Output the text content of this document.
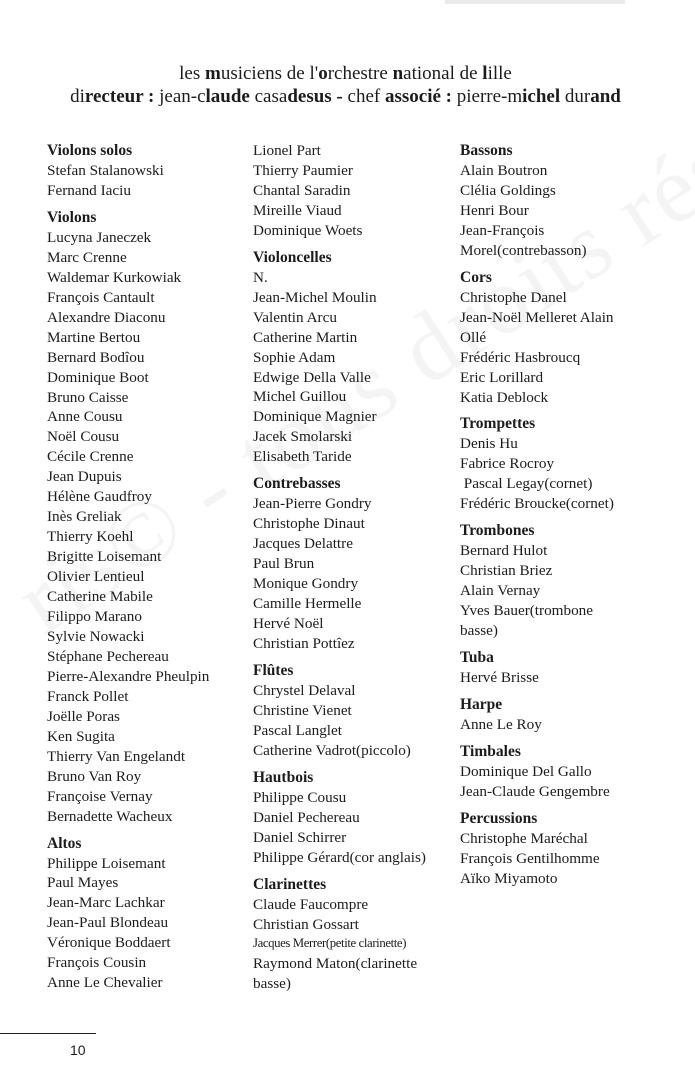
les musiciens de l'orchestre national de lille
directeur : jean-claude casadesus - chef associé : pierre-michel durand
Violons solos
Stefan Stalanowski
Fernand Iaciu
Violons
Lucyna Janeczek
Marc Crenne
Waldemar Kurkowiak
François Cantault
Alexandre Diaconu
Martine Bertou
Bernard Bodîou
Dominique Boot
Bruno Caisse
Anne Cousu
Noël Cousu
Cécile Crenne
Jean Dupuis
Hélène Gaudfroy
Inès Greliak
Thierry Koehl
Brigitte Loisemant
Olivier Lentieul
Catherine Mabile
Filippo Marano
Sylvie Nowacki
Stéphane Pechereau
Pierre-Alexandre Pheulpin
Franck Pollet
Joëlle Poras
Ken Sugita
Thierry Van Engelandt
Bruno Van Roy
Françoise Vernay
Bernadette Wacheux
Altos
Philippe Loisemant
Paul Mayes
Jean-Marc Lachkar
Jean-Paul Blondeau
Véronique Boddaert
François Cousin
Anne Le Chevalier
Lionel Part
Thierry Paumier
Chantal Saradin
Mireille Viaud
Dominique Woets
Violoncelles
N.
Jean-Michel Moulin
Valentin Arcu
Catherine Martin
Sophie Adam
Edwige Della Valle
Michel Guillou
Dominique Magnier
Jacek Smolarski
Elisabeth Taride
Contrebasses
Jean-Pierre Gondry
Christophe Dinaut
Jacques Delattre
Paul Brun
Monique Gondry
Camille Hermelle
Hervé Noël
Christian Pottîez
Flûtes
Chrystel Delaval
Christine Vienet
Pascal Langlet
Catherine Vadrot(piccolo)
Hautbois
Philippe Cousu
Daniel Pechereau
Daniel Schirrer
Philippe Gérard(cor anglais)
Clarinettes
Claude Faucompre
Christian Gossart
Jacques Merrer(petite clarinette)
Raymond Maton(clarinette
basse)
Bassons
Alain Boutron
Clélia Goldings
Henri Bour
Jean-François
Morel(contrebasson)
Cors
Christophe Danel
Jean-Noël Melleret Alain
Ollé
Frédéric Hasbroucq
Eric Lorillard
Katia Deblock
Trompettes
Denis Hu
Fabrice Rocroy
Pascal Legay(cornet)
Frédéric Broucke(cornet)
Trombones
Bernard Hulot
Christian Briez
Alain Vernay
Yves Bauer(trombone
basse)
Tuba
Hervé Brisse
Harpe
Anne Le Roy
Timbales
Dominique Del Gallo
Jean-Claude Gengembre
Percussions
Christophe Maréchal
François Gentilhomme
Aïko Miyamoto
10
